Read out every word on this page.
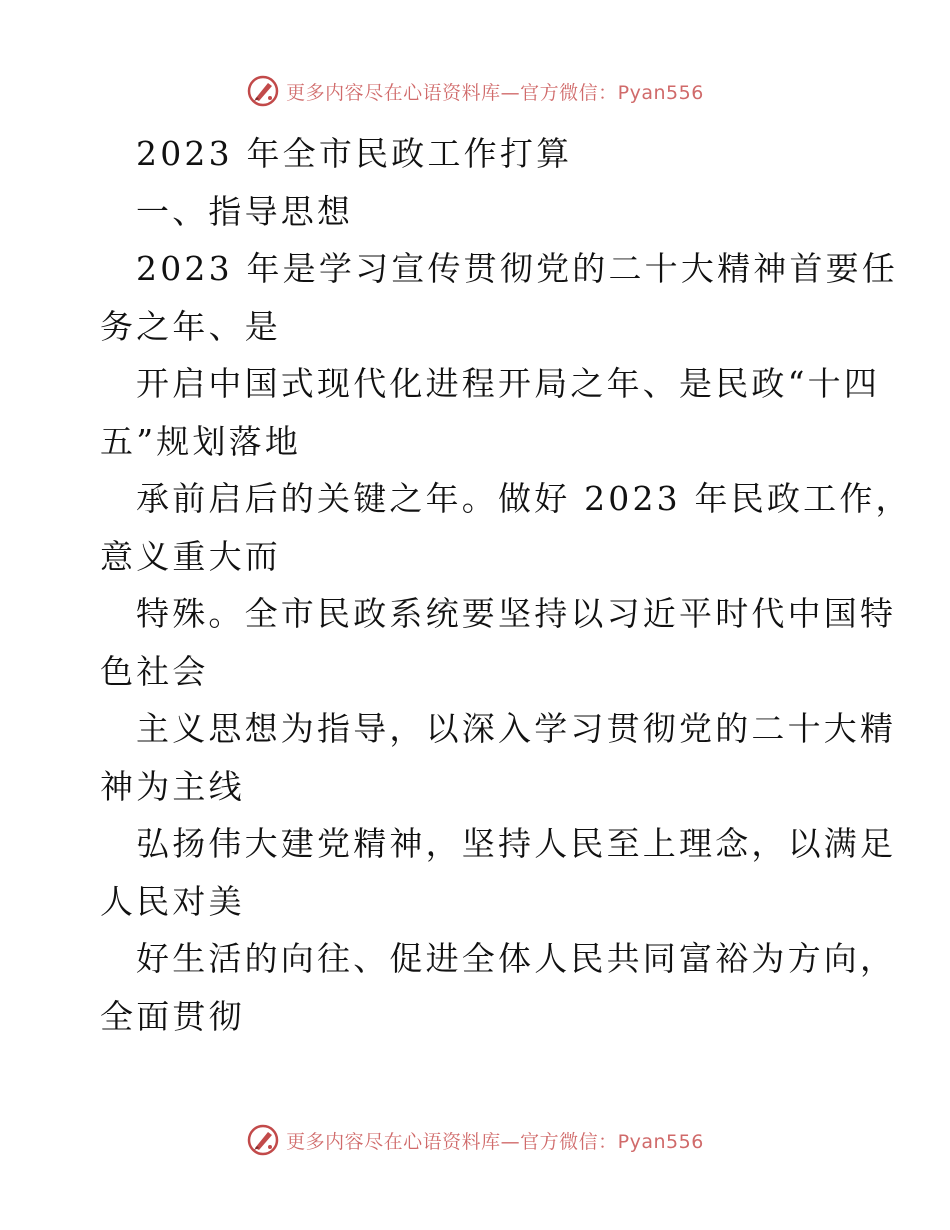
更多内容尽在心语资料库—官方微信：Pyan556
2023 年全市民政工作打算
一、指导思想
2023 年是学习宣传贯彻党的二十大精神首要任
务之年、是
开启中国式现代化进程开局之年、是民政“十四
五”规划落地
承前启后的关键之年。做好 2023 年民政工作，
意义重大而
特殊。全市民政系统要坚持以习近平时代中国特
色社会
主义思想为指导，以深入学习贯彻党的二十大精
神为主线
弘扬伟大建党精神，坚持人民至上理念，以满足
人民对美
好生活的向往、促进全体人民共同富裕为方向，
全面贯彻
更多内容尽在心语资料库—官方微信：Pyan556
